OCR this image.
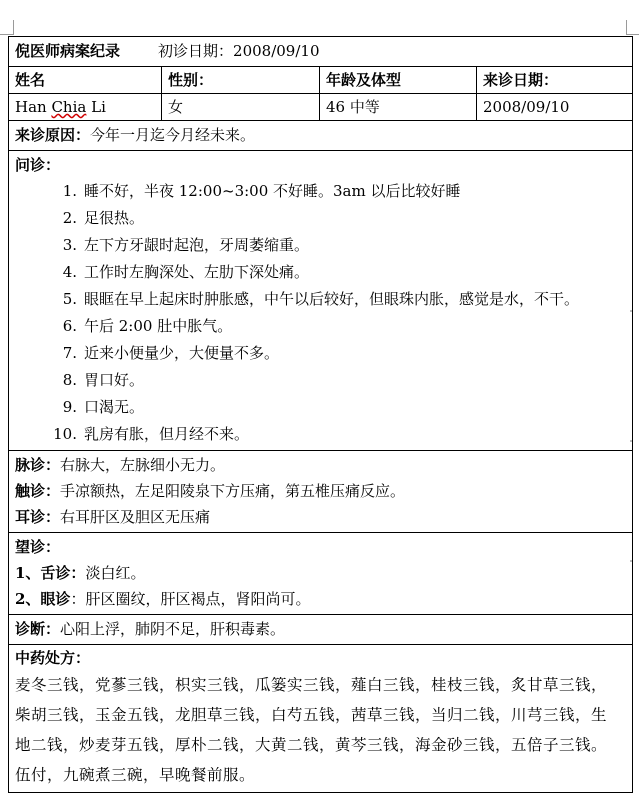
倪医师病案纪录	初诊日期：2008/09/10
姓名	性别：	年龄及体型	来诊日期：
Han Chia Li	女	46 中等	2008/09/10
来诊原因：今年一月迄今月经未来。
问诊：
1. 睡不好，半夜 12:00~3:00 不好睡。3am 以后比较好睡
2. 足很热。
3. 左下方牙龈时起泡，牙周萎缩重。
4. 工作时左胸深处、左肋下深处痛。
5. 眼眶在早上起床时肿胀感，中午以后较好，但眼珠内胀，感觉是水，不干。
6. 午后 2:00 肚中胀气。
7. 近来小便量少，大便量不多。
8. 胃口好。
9. 口渴无。
10. 乳房有胀，但月经不来。
脉诊：右脉大，左脉细小无力。
触诊：手凉额热，左足阳陵泉下方压痛，第五椎压痛反应。
耳诊：右耳肝区及胆区无压痛
望诊：
1、舌诊：淡白红。
2、眼诊：肝区圈纹，肝区褐点，肾阳尚可。
诊断：心阳上浮，肺阴不足，肝积毒素。
中药处方：
麦冬三钱，党蔘三钱，枳实三钱，瓜篓实三钱，薤白三钱，桂枝三钱，炙甘草三钱，柴胡三钱，玉金五钱，龙胆草三钱，白芍五钱，茜草三钱，当归二钱，川芎三钱，生地二钱，炒麦芽五钱，厚朴二钱，大黄二钱，黄芩三钱，海金砂三钱，五倍子三钱。伍付，九碗煮三碗，早晚餐前服。
